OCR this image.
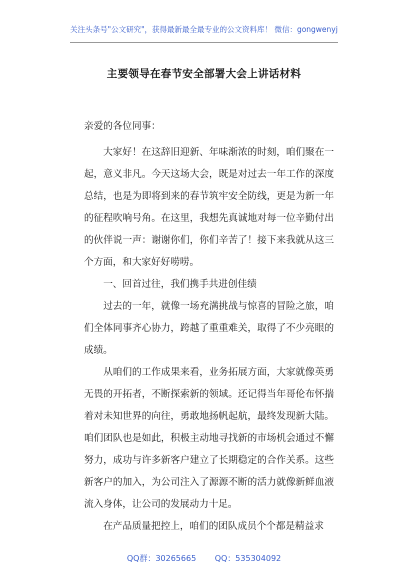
关注头条号"公文研究"，获得最新最全最专业的公文资料库！ 微信：gongwenyj
主要领导在春节安全部署大会上讲话材料

亲爱的各位同事：

大家好！在这辞旧迎新、年味渐浓的时刻，咱们聚在一起，意义非凡。今天这场大会，既是对过去一年工作的深度总结，也是为即将到来的春节筑牢安全防线，更是为新一年的征程吹响号角。在这里，我想先真诚地对每一位辛勤付出的伙伴说一声：谢谢你们，你们辛苦了！接下来我就从这三个方面，和大家好好唠唠。

一、回首过往，我们携手共进创佳绩

过去的一年，就像一场充满挑战与惊喜的冒险之旅，咱们全体同事齐心协力，跨越了重重难关，取得了不少亮眼的成绩。

从咱们的工作成果来看，业务拓展方面，大家就像英勇无畏的开拓者，不断探索新的领域。还记得当年哥伦布怀揣着对未知世界的向往，勇敢地扬帆起航，最终发现新大陆。咱们团队也是如此，积极主动地寻找新的市场机会通过不懈努力，成功与许多新客户建立了长期稳定的合作关系。这些新客户的加入，为公司注入了源源不断的活力就像新鲜血液流入身体，让公司的发展动力十足。

在产品质量把控上，咱们的团队成员个个都是精益求

QQ群：30265665 QQ：535304092
